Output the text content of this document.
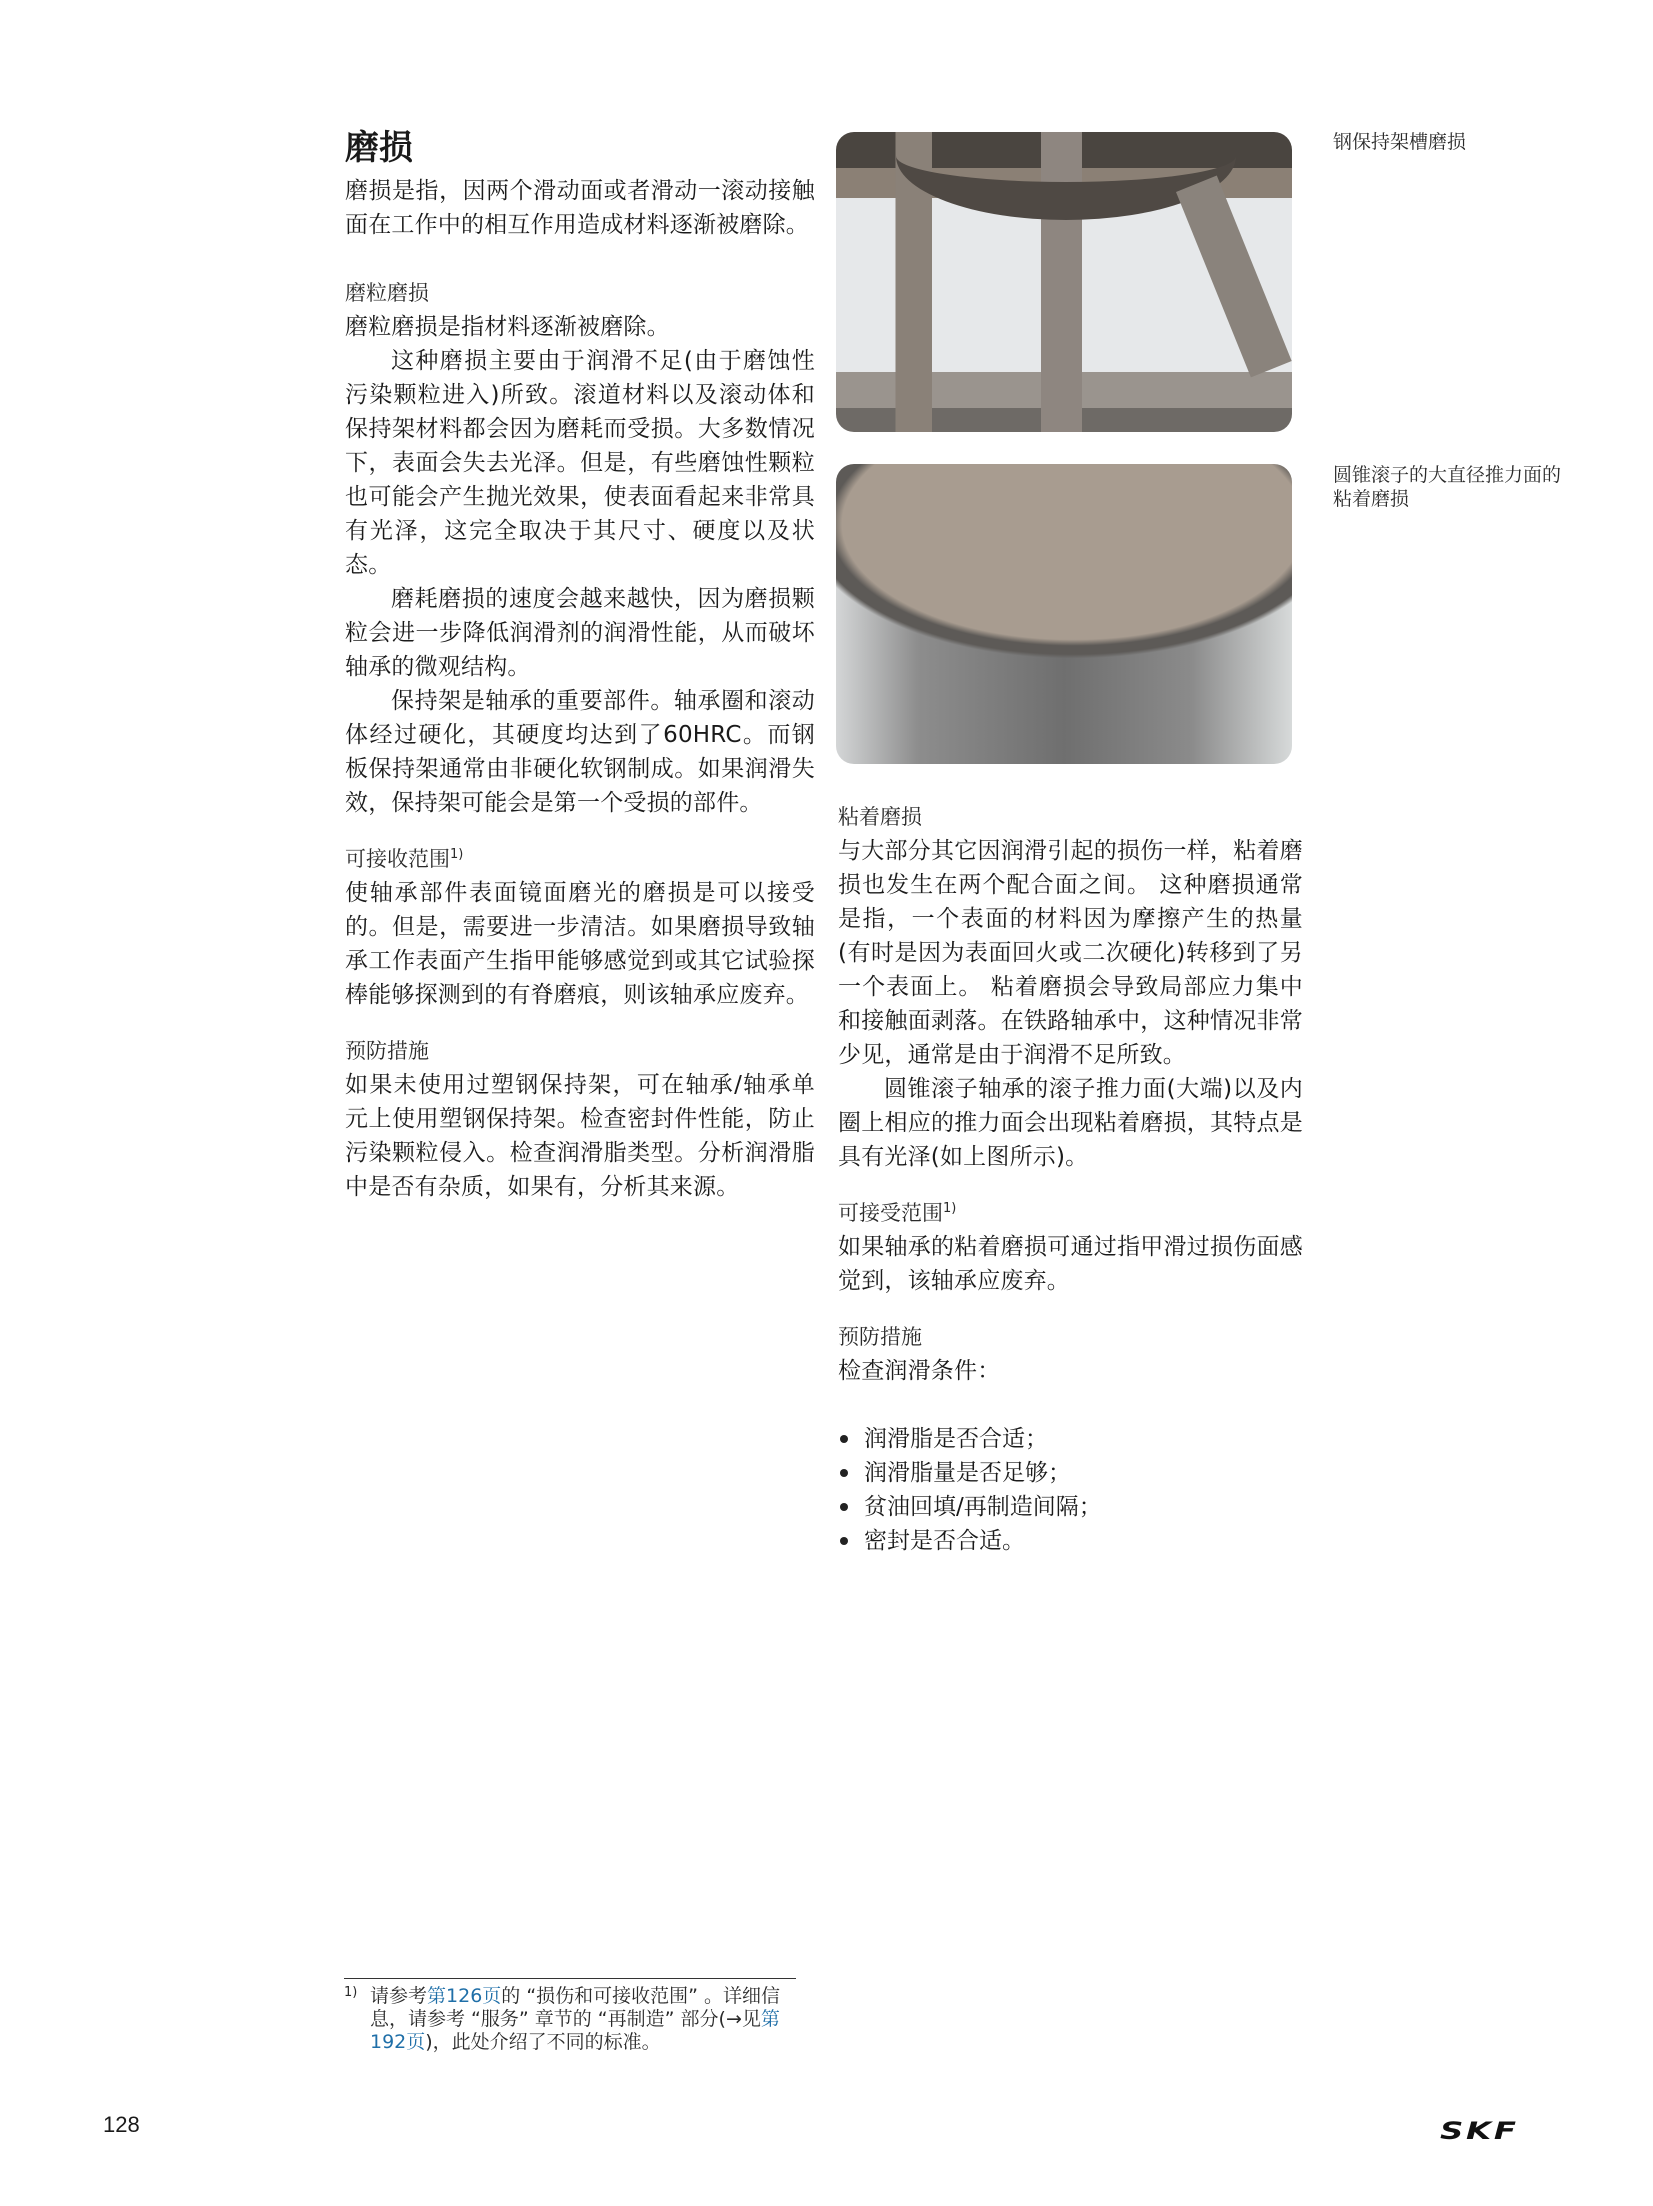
磨损

磨损是指，因两个滑动面或者滑动一滚动接触面在工作中的相互作用造成材料逐渐被磨除。

磨粒磨损

磨粒磨损是指材料逐渐被磨除。

这种磨损主要由于润滑不足(由于磨蚀性污染颗粒进入)所致。滚道材料以及滚动体和保持架材料都会因为磨耗而受损。大多数情况下，表面会失去光泽。但是，有些磨蚀性颗粒也可能会产生抛光效果，使表面看起来非常具有光泽，这完全取决于其尺寸、硬度以及状态。

磨耗磨损的速度会越来越快，因为磨损颗粒会进一步降低润滑剂的润滑性能，从而破坏轴承的微观结构。

保持架是轴承的重要部件。轴承圈和滚动体经过硬化，其硬度均达到了60HRC。而钢板保持架通常由非硬化软钢制成。如果润滑失效，保持架可能会是第一个受损的部件。

可接收范围$^{1)}$

使轴承部件表面镜面磨光的磨损是可以接受的。但是，需要进一步清洁。如果磨损导致轴承工作表面产生指甲能够感觉到或其它试验探棒能够探测到的有脊磨痕，则该轴承应废弃。

预防措施

如果未使用过塑钢保持架，可在轴承/轴承单元上使用塑钢保持架。检查密封件性能，防止污染颗粒侵入。检查润滑脂类型。分析润滑脂中是否有杂质，如果有，分析其来源。

钢保持架槽磨损
圆锥滚子的大直径推力面的粘着磨损

粘着磨损

与大部分其它因润滑引起的损伤一样，粘着磨损也发生在两个配合面之间。 这种磨损通常是指，一个表面的材料因为摩擦产生的热量(有时是因为表面回火或二次硬化)转移到了另一个表面上。 粘着磨损会导致局部应力集中和接触面剥落。在铁路轴承中，这种情况非常少见，通常是由于润滑不足所致。

圆锥滚子轴承的滚子推力面(大端)以及内圈上相应的推力面会出现粘着磨损，其特点是具有光泽(如上图所示)。

可接受范围$^{1)}$

如果轴承的粘着磨损可通过指甲滑过损伤面感觉到，该轴承应废弃。

预防措施

检查润滑条件：

润滑脂是否合适；
润滑脂量是否足够；
贫油回填/再制造间隔；
密封是否合适。
1) 请参考第126页的 “损伤和可接收范围” 。详细信息，请参考 “服务” 章节的 “再制造” 部分(→见第192页)，此处介绍了不同的标准。
128	SKF
